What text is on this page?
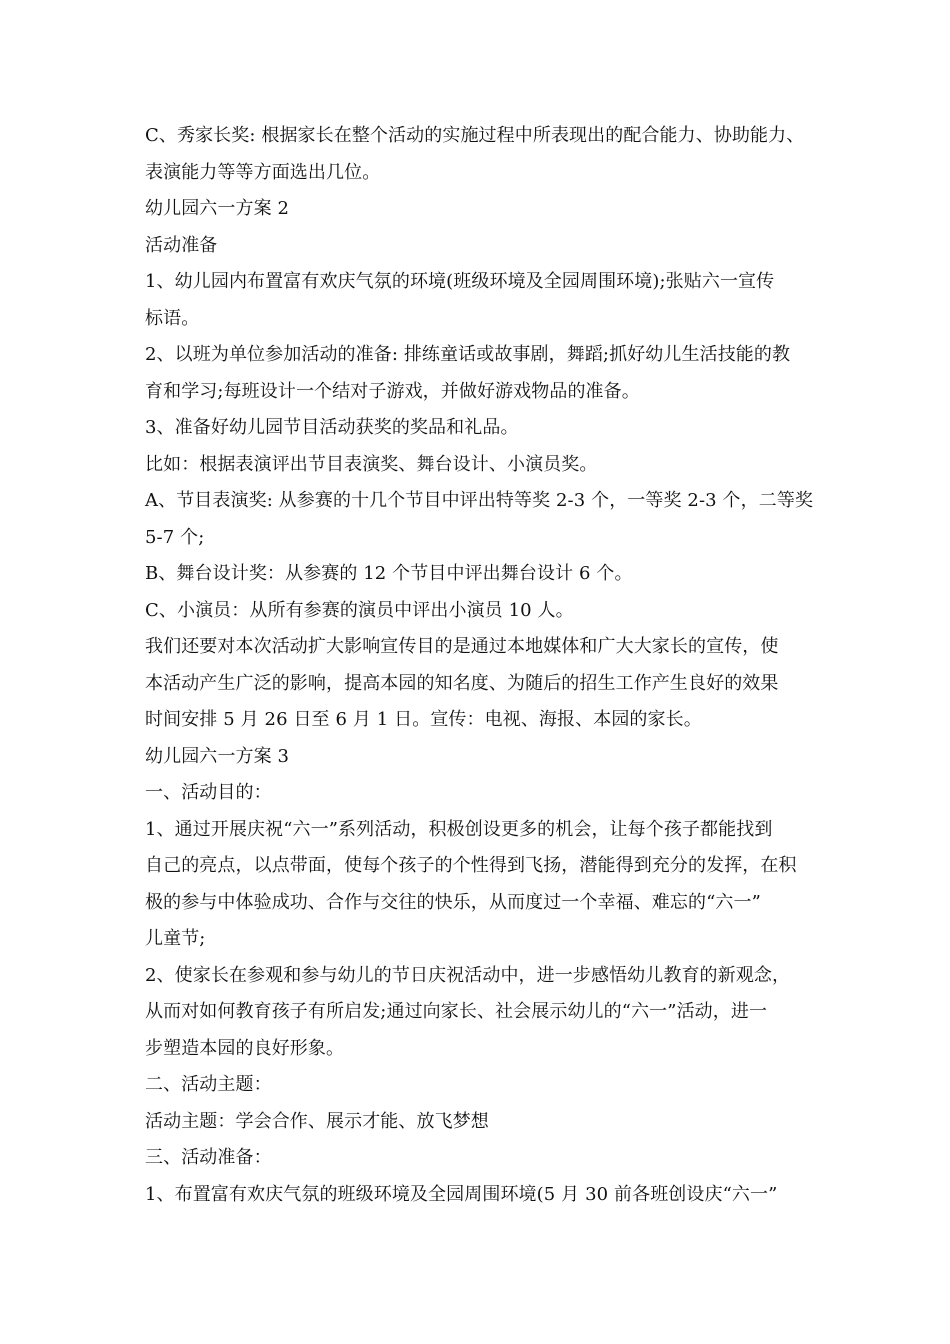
C、秀家长奖: 根据家长在整个活动的实施过程中所表现出的配合能力、协助能力、
表演能力等等方面选出几位。
幼儿园六一方案 2
活动准备
1、幼儿园内布置富有欢庆气氛的环境(班级环境及全园周围环境);张贴六一宣传
标语。
2、以班为单位参加活动的准备: 排练童话或故事剧，舞蹈;抓好幼儿生活技能的教
育和学习;每班设计一个结对子游戏，并做好游戏物品的准备。
3、准备好幼儿园节目活动获奖的奖品和礼品。
比如：根据表演评出节目表演奖、舞台设计、小演员奖。
A、节目表演奖: 从参赛的十几个节目中评出特等奖 2-3 个，一等奖 2-3 个，二等奖
5-7 个;
B、舞台设计奖：从参赛的 12 个节目中评出舞台设计 6 个。
C、小演员：从所有参赛的演员中评出小演员 10 人。
我们还要对本次活动扩大影响宣传目的是通过本地媒体和广大大家长的宣传，使
本活动产生广泛的影响，提高本园的知名度、为随后的招生工作产生良好的效果
时间安排 5 月 26 日至 6 月 1 日。宣传：电视、海报、本园的家长。
幼儿园六一方案 3
一、活动目的：
1、通过开展庆祝“六一”系列活动，积极创设更多的机会，让每个孩子都能找到
自己的亮点，以点带面，使每个孩子的个性得到飞扬，潜能得到充分的发挥，在积
极的参与中体验成功、合作与交往的快乐，从而度过一个幸福、难忘的“六一”
儿童节;
2、使家长在参观和参与幼儿的节日庆祝活动中，进一步感悟幼儿教育的新观念，
从而对如何教育孩子有所启发;通过向家长、社会展示幼儿的“六一”活动，进一
步塑造本园的良好形象。
二、活动主题：
活动主题：学会合作、展示才能、放飞梦想
三、活动准备：
1、布置富有欢庆气氛的班级环境及全园周围环境(5 月 30 前各班创设庆“六一”
